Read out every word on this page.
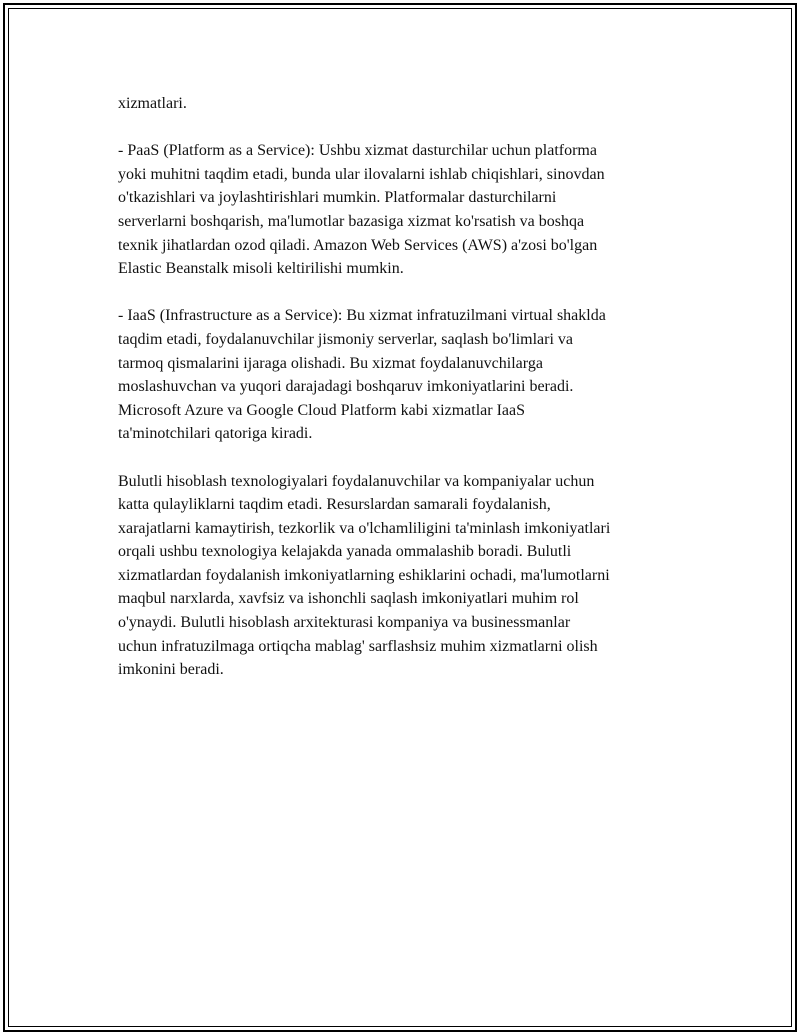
xizmatlari.

- PaaS (Platform as a Service): Ushbu xizmat dasturchilar uchun platforma
yoki muhitni taqdim etadi, bunda ular ilovalarni ishlab chiqishlari, sinovdan
o'tkazishlari va joylashtirishlari mumkin. Platformalar dasturchilarni
serverlarni boshqarish, ma'lumotlar bazasiga xizmat ko'rsatish va boshqa
texnik jihatlardan ozod qiladi. Amazon Web Services (AWS) a'zosi bo'lgan
Elastic Beanstalk misoli keltirilishi mumkin.

- IaaS (Infrastructure as a Service): Bu xizmat infratuzilmani virtual shaklda
taqdim etadi, foydalanuvchilar jismoniy serverlar, saqlash bo'limlari va
tarmoq qismalarini ijaraga olishadi. Bu xizmat foydalanuvchilarga
moslashuvchan va yuqori darajadagi boshqaruv imkoniyatlarini beradi.
Microsoft Azure va Google Cloud Platform kabi xizmatlar IaaS
ta'minotchilari qatoriga kiradi.

Bulutli hisoblash texnologiyalari foydalanuvchilar va kompaniyalar uchun
katta qulayliklarni taqdim etadi. Resurslardan samarali foydalanish,
xarajatlarni kamaytirish, tezkorlik va o'lchamliligini ta'minlash imkoniyatlari
orqali ushbu texnologiya kelajakda yanada ommalashib boradi. Bulutli
xizmatlardan foydalanish imkoniyatlarning eshiklarini ochadi, ma'lumotlarni
maqbul narxlarda, xavfsiz va ishonchli saqlash imkoniyatlari muhim rol
o'ynaydi. Bulutli hisoblash arxitekturasi kompaniya va businessmanlar
uchun infratuzilmaga ortiqcha mablag' sarflashsiz muhim xizmatlarni olish
imkonini beradi.
